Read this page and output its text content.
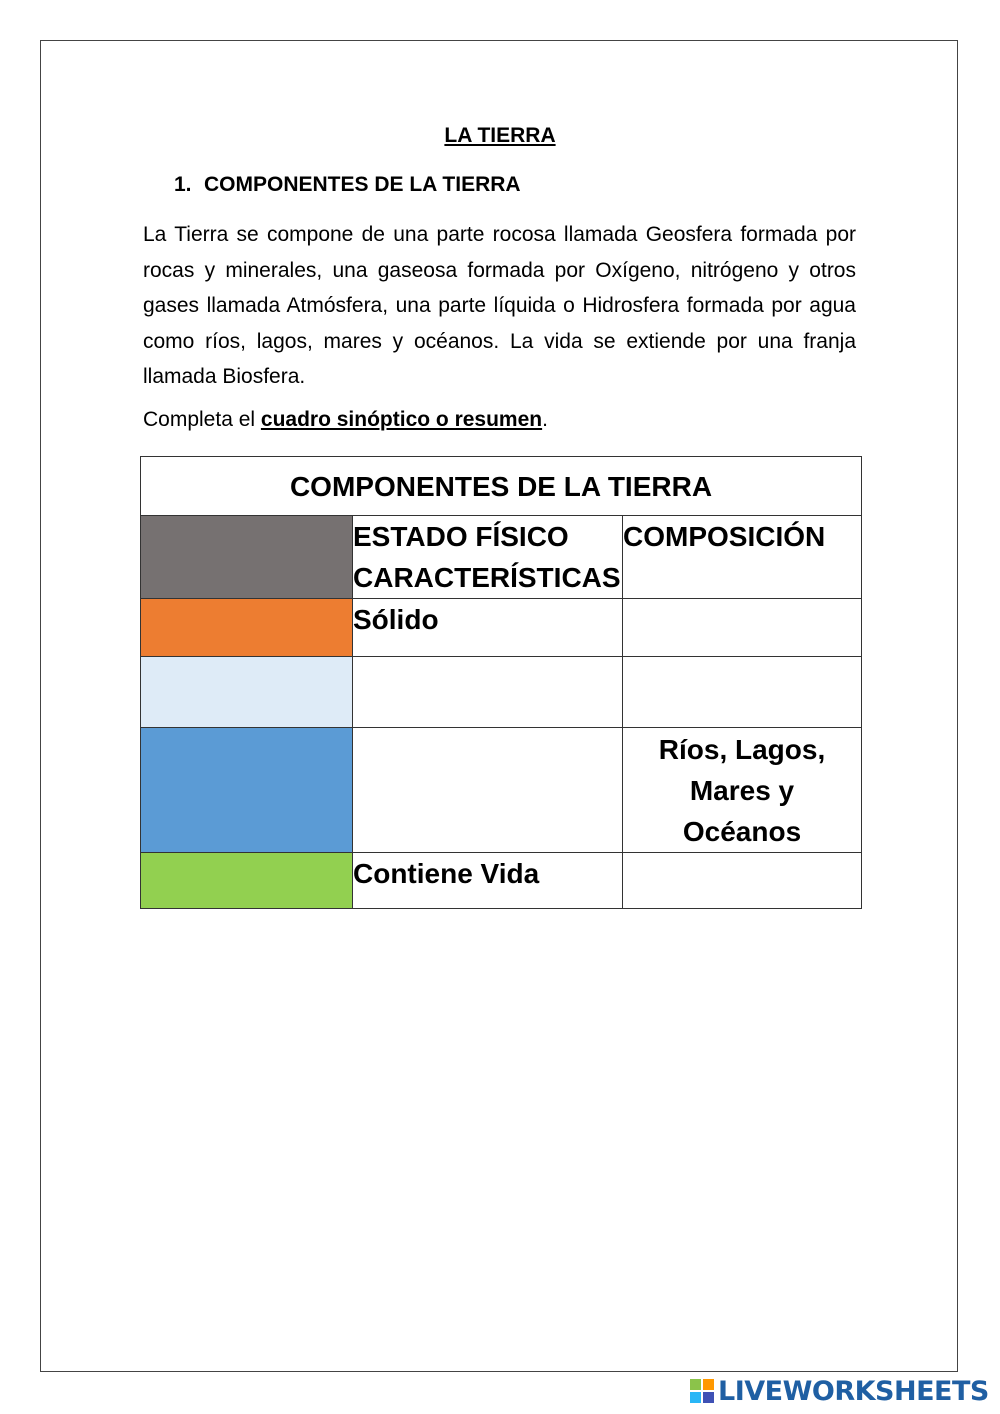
LA TIERRA
1. COMPONENTES DE LA TIERRA
La Tierra se compone de una parte rocosa llamada Geosfera formada por rocas y minerales, una gaseosa formada por Oxígeno, nitrógeno y otros gases llamada Atmósfera, una parte líquida o Hidrosfera formada por agua como ríos, lagos, mares y océanos. La vida se extiende por una franja llamada Biosfera.
Completa el cuadro sinóptico o resumen.
COMPONENTES DE LA TIERRA		

	ESTADO FÍSICO
CARACTERÍSTICAS	COMPOSICIÓN

	Sólido	

		Ríos, Lagos,
Mares y
Océanos

	Contiene Vida	
LIVEWORKSHEETS
